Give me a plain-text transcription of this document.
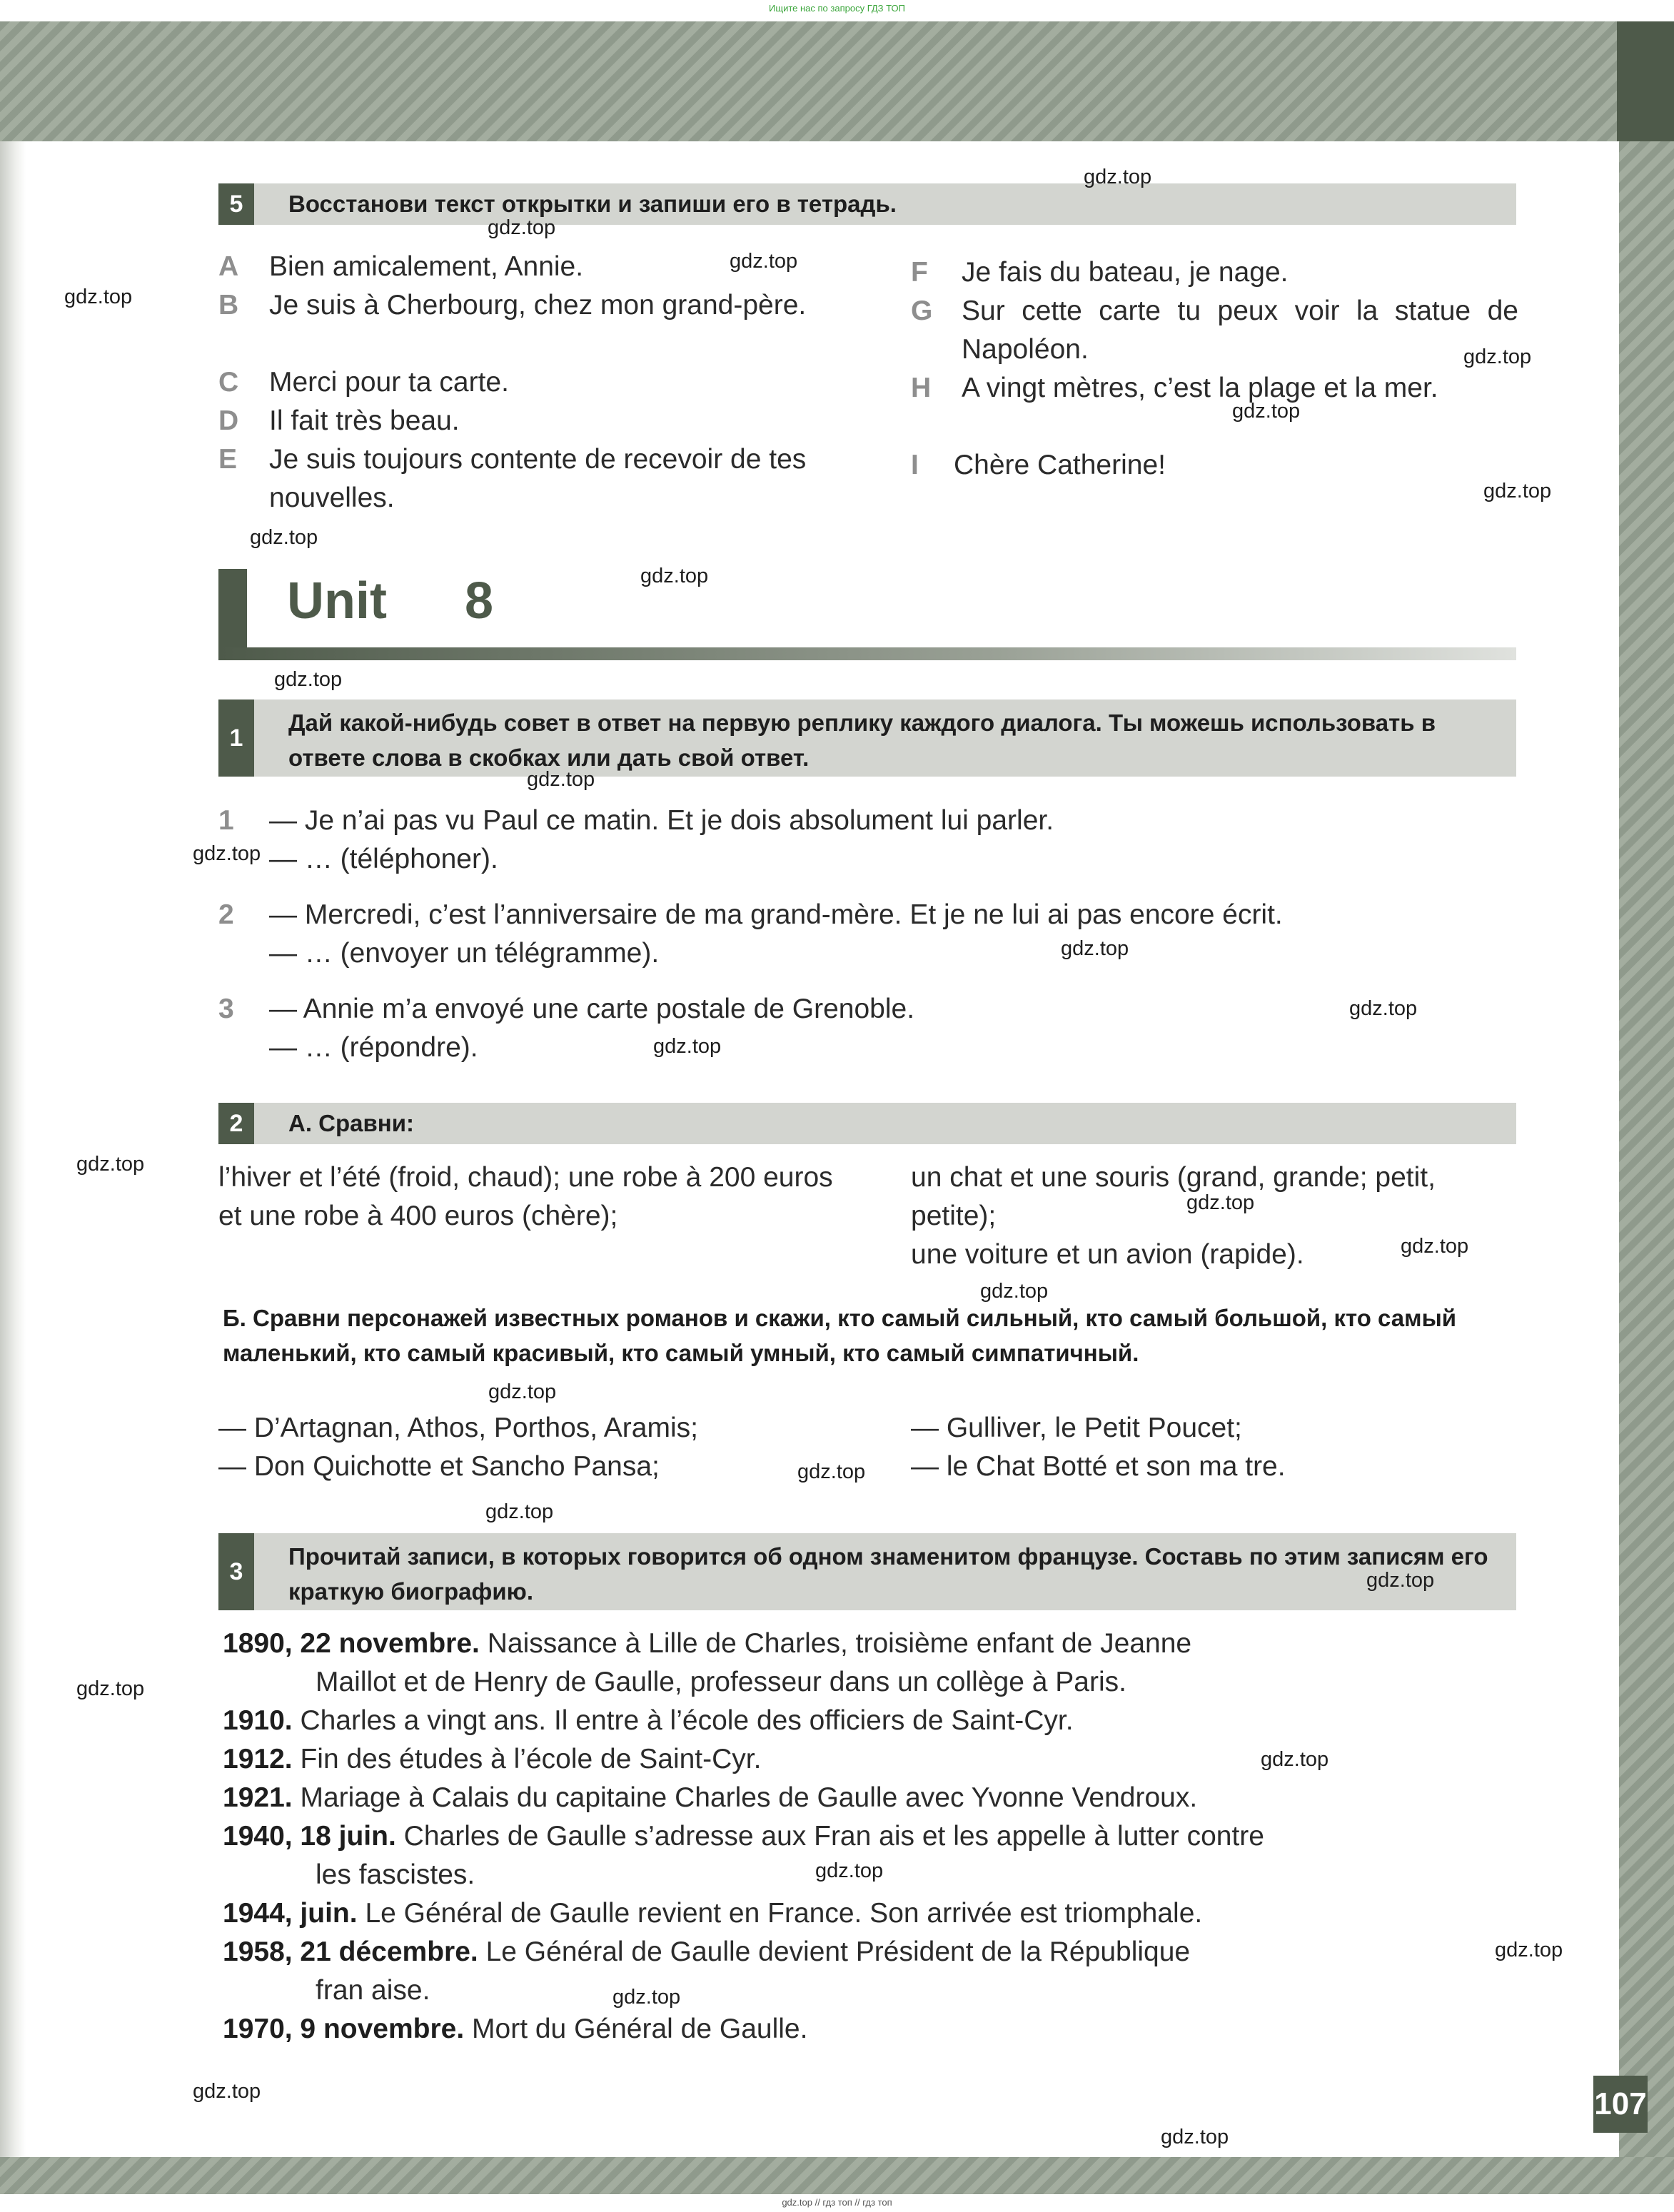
Ищите нас по запросу ГДЗ ТОП
107
gdz.top // гдз топ // гдз топ
5	Восстанови текст открытки и запиши его в тетрадь.
A Bien amicalement, Annie.
B Je suis à Cherbourg, chez mon grand-père.
C Merci pour ta carte.
D Il fait très beau.
E Je suis toujours contente de recevoir de tes nouvelles.
F Je fais du bateau, je nage.
G Sur cette carte tu peux voir la statue de Napoléon.
H A vingt mètres, c’est la plage et la mer.
I Chère Catherine!
Unit 8
1
Дай какой-нибудь совет в ответ на первую реплику каждого диалога. Ты можешь использовать в ответе слова в скобках или дать свой ответ.
1 — Je n’ai pas vu Paul ce matin. Et je dois absolument lui parler.
— … (téléphoner).
2 — Mercredi, c’est l’anniversaire de ma grand-mère. Et je ne lui ai pas encore écrit.
— … (envoyer un télégramme).
3 — Annie m’a envoyé une carte postale de Grenoble.
— … (répondre).
2	А. Сравни:
l’hiver et l’été (froid, chaud); une robe à 200 euros et une robe à 400 euros (chère);
un chat et une souris (grand, grande; petit, petite);
une voiture et un avion (rapide).
Б. Сравни персонажей известных романов и скажи, кто самый сильный, кто самый большой, кто самый маленький, кто самый красивый, кто самый умный, кто самый симпатичный.
— D’Artagnan, Athos, Porthos, Aramis;
— Don Quichotte et Sancho Pansa;
— Gulliver, le Petit Poucet;
— le Chat Botté et son ma tre.
3
Прочитай записи, в которых говорится об одном знаменитом французе. Составь по этим записям его краткую биографию.
1890, 22 novembre. Naissance à Lille de Charles, troisième enfant de Jeanne
Maillot et de Henry de Gaulle, professeur dans un collège à Paris.
1910. Charles a vingt ans. Il entre à l’école des officiers de Saint-Cyr.
1912. Fin des études à l’école de Saint-Cyr.
1921. Mariage à Calais du capitaine Charles de Gaulle avec Yvonne Vendroux.
1940, 18 juin. Charles de Gaulle s’adresse aux Fran ais et les appelle à lutter contre
les fascistes.
1944, juin. Le Général de Gaulle revient en France. Son arrivée est triomphale.
1958, 21 décembre. Le Général de Gaulle devient Président de la République
fran aise.
1970, 9 novembre. Mort du Général de Gaulle.
gdz.top
gdz.top
gdz.top
gdz.top
gdz.top
gdz.top
gdz.top
gdz.top
gdz.top
gdz.top
gdz.top
gdz.top
gdz.top
gdz.top
gdz.top
gdz.top
gdz.top
gdz.top
gdz.top
gdz.top
gdz.top
gdz.top
gdz.top
gdz.top
gdz.top
gdz.top
gdz.top
gdz.top
gdz.top
gdz.top
